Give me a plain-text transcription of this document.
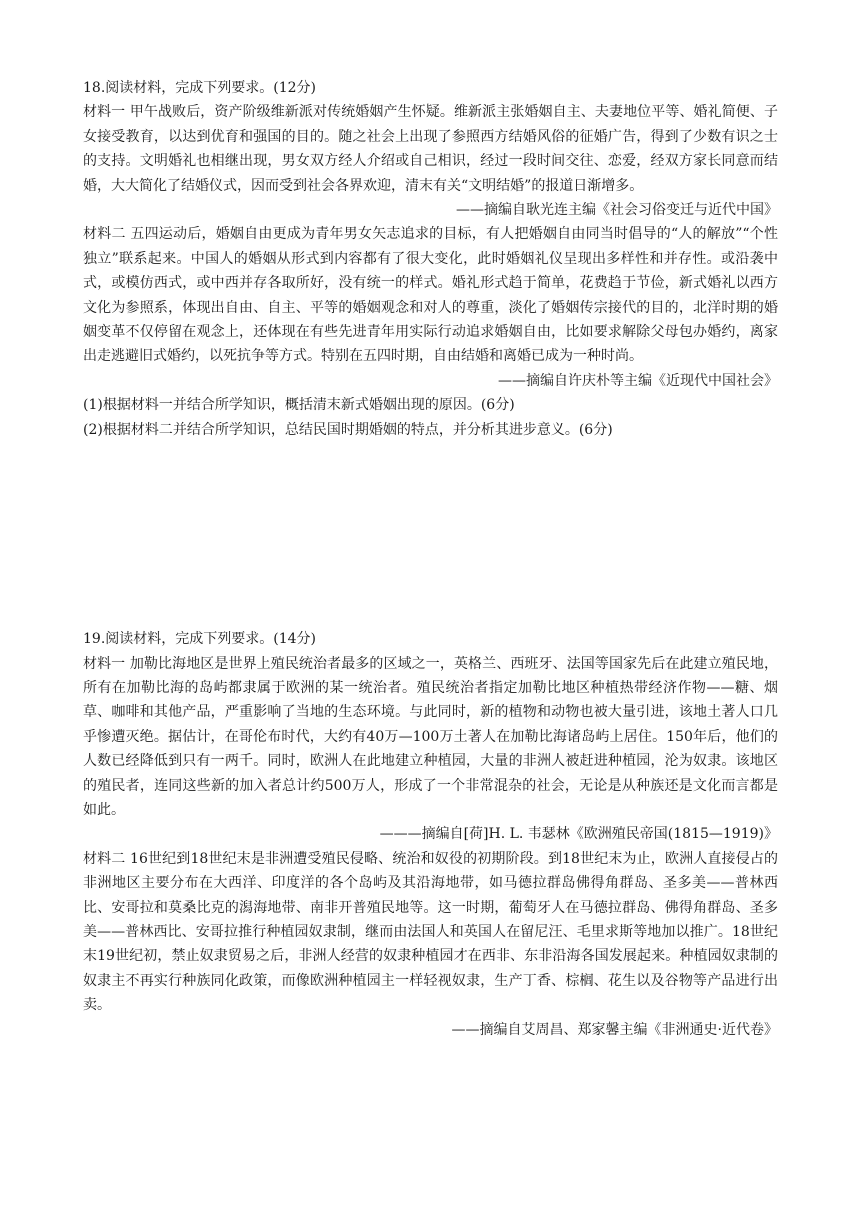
18.阅读材料，完成下列要求。(12分)

材料一 甲午战败后，资产阶级维新派对传统婚姻产生怀疑。维新派主张婚姻自主、夫妻地位平等、婚礼简便、子女接受教育，以达到优育和强国的目的。随之社会上出现了参照西方结婚风俗的征婚广告，得到了少数有识之士的支持。文明婚礼也相继出现，男女双方经人介绍或自己相识，经过一段时间交往、恋爱，经双方家长同意而结婚，大大简化了结婚仪式，因而受到社会各界欢迎，清末有关“文明结婚”的报道日渐增多。

——摘编自耿光连主编《社会习俗变迁与近代中国》

材料二 五四运动后，婚姻自由更成为青年男女矢志追求的目标，有人把婚姻自由同当时倡导的“人的解放”“个性独立”联系起来。中国人的婚姻从形式到内容都有了很大变化，此时婚姻礼仪呈现出多样性和并存性。或沿袭中式，或模仿西式，或中西并存各取所好，没有统一的样式。婚礼形式趋于简单，花费趋于节俭，新式婚礼以西方文化为参照系，体现出自由、自主、平等的婚姻观念和对人的尊重，淡化了婚姻传宗接代的目的，北洋时期的婚姻变革不仅停留在观念上，还体现在有些先进青年用实际行动追求婚姻自由，比如要求解除父母包办婚约，离家出走逃避旧式婚约，以死抗争等方式。特别在五四时期，自由结婚和离婚已成为一种时尚。

——摘编自许庆朴等主编《近现代中国社会》

(1)根据材料一并结合所学知识，概括清末新式婚姻出现的原因。(6分)

(2)根据材料二并结合所学知识，总结民国时期婚姻的特点，并分析其进步意义。(6分)

19.阅读材料，完成下列要求。(14分)

材料一 加勒比海地区是世界上殖民统治者最多的区域之一，英格兰、西班牙、法国等国家先后在此建立殖民地，所有在加勒比海的岛屿都隶属于欧洲的某一统治者。殖民统治者指定加勒比地区种植热带经济作物——糖、烟草、咖啡和其他产品，严重影响了当地的生态环境。与此同时，新的植物和动物也被大量引进，该地土著人口几乎惨遭灭绝。据估计，在哥伦布时代，大约有40万—100万土著人在加勒比海诸岛屿上居住。150年后，他们的人数已经降低到只有一两千。同时，欧洲人在此地建立种植园，大量的非洲人被赶进种植园，沦为奴隶。该地区的殖民者，连同这些新的加入者总计约500万人，形成了一个非常混杂的社会，无论是从种族还是文化而言都是如此。

———摘编自[荷]H. L. 韦瑟林《欧洲殖民帝国(1815—1919)》

材料二 16世纪到18世纪末是非洲遭受殖民侵略、统治和奴役的初期阶段。到18世纪末为止，欧洲人直接侵占的非洲地区主要分布在大西洋、印度洋的各个岛屿及其沿海地带，如马德拉群岛佛得角群岛、圣多美——普林西比、安哥拉和莫桑比克的潟海地带、南非开普殖民地等。这一时期，葡萄牙人在马德拉群岛、佛得角群岛、圣多美——普林西比、安哥拉推行种植园奴隶制，继而由法国人和英国人在留尼汪、毛里求斯等地加以推广。18世纪末19世纪初，禁止奴隶贸易之后，非洲人经营的奴隶种植园才在西非、东非沿海各国发展起来。种植园奴隶制的奴隶主不再实行种族同化政策，而像欧洲种植园主一样轻视奴隶，生产丁香、棕榈、花生以及谷物等产品进行出卖。

——摘编自艾周昌、郑家馨主编《非洲通史·近代卷》
